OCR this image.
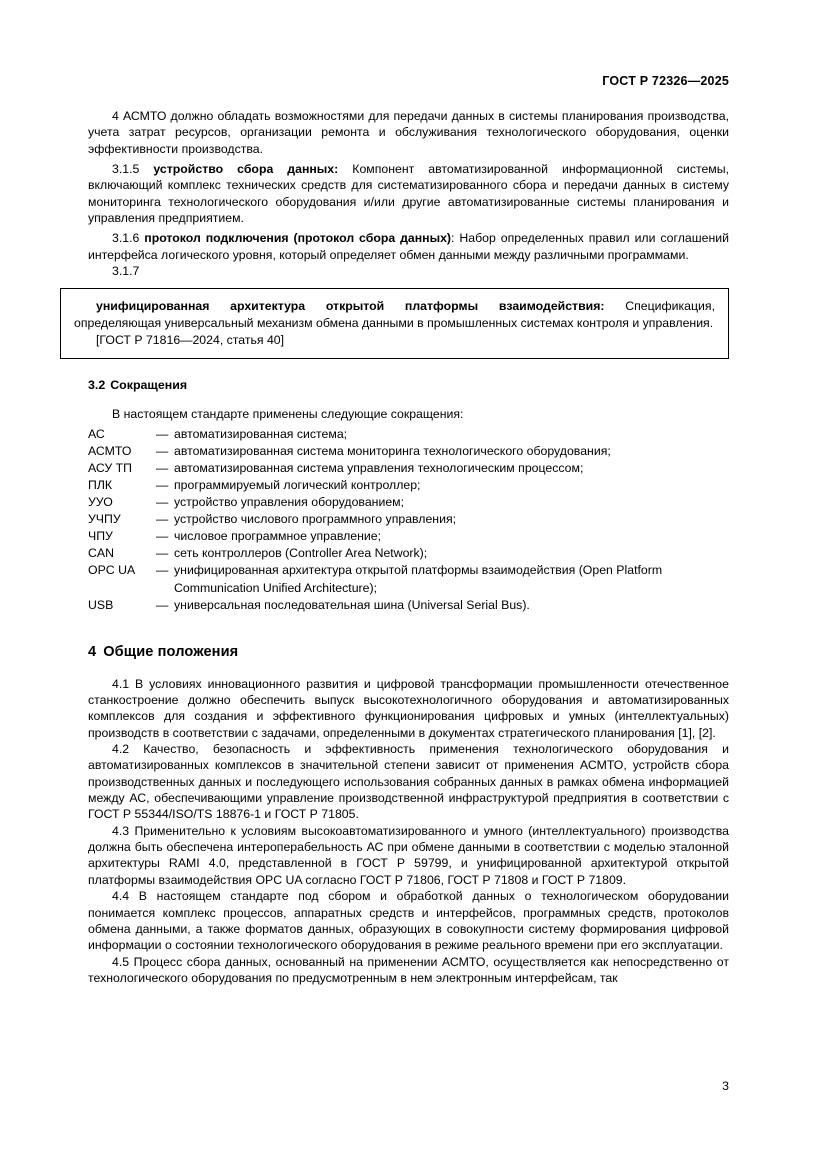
ГОСТ Р 72326—2025

4 АСМТО должно обладать возможностями для передачи данных в системы планирования производства, учета затрат ресурсов, организации ремонта и обслуживания технологического оборудования, оценки эффективности производства.

3.1.5 устройство сбора данных: Компонент автоматизированной информационной системы, включающий комплекс технических средств для систематизированного сбора и передачи данных в систему мониторинга технологического оборудования и/или другие автоматизированные системы планирования и управления предприятием.

3.1.6 протокол подключения (протокол сбора данных): Набор определенных правил или соглашений интерфейса логического уровня, который определяет обмен данными между различными программами.

3.1.7

унифицированная архитектура открытой платформы взаимодействия: Спецификация, определяющая универсальный механизм обмена данными в промышленных системах контроля и управления.

[ГОСТ Р 71816—2024, статья 40]

3.2 Сокращения

В настоящем стандарте применены следующие сокращения:

АС	— автоматизированная система;
АСМТО	— автоматизированная система мониторинга технологического оборудования;
АСУ ТП	— автоматизированная система управления технологическим процессом;
ПЛК	— программируемый логический контроллер;
УУО	— устройство управления оборудованием;
УЧПУ	— устройство числового программного управления;
ЧПУ	— числовое программное управление;
CAN	— сеть контроллеров (Controller Area Network);
OPC UA	— унифицированная архитектура открытой платформы взаимодействия (Open Platform
Communication Unified Architecture);
USB	— универсальная последовательная шина (Universal Serial Bus).
4 Общие положения

4.1 В условиях инновационного развития и цифровой трансформации промышленности отечественное станкостроение должно обеспечить выпуск высокотехнологичного оборудования и автоматизированных комплексов для создания и эффективного функционирования цифровых и умных (интеллектуальных) производств в соответствии с задачами, определенными в документах стратегического планирования [1], [2].

4.2 Качество, безопасность и эффективность применения технологического оборудования и автоматизированных комплексов в значительной степени зависит от применения АСМТО, устройств сбора производственных данных и последующего использования собранных данных в рамках обмена информацией между АС, обеспечивающими управление производственной инфраструктурой предприятия в соответствии с ГОСТ Р 55344/ISO/TS 18876-1 и ГОСТ Р 71805.

4.3 Применительно к условиям высокоавтоматизированного и умного (интеллектуального) производства должна быть обеспечена интероперабельность АС при обмене данными в соответствии с моделью эталонной архитектуры RAMI 4.0, представленной в ГОСТ Р 59799, и унифицированной архитектурой открытой платформы взаимодействия OPC UA согласно ГОСТ Р 71806, ГОСТ Р 71808 и ГОСТ Р 71809.

4.4 В настоящем стандарте под сбором и обработкой данных о технологическом оборудовании понимается комплекс процессов, аппаратных средств и интерфейсов, программных средств, протоколов обмена данными, а также форматов данных, образующих в совокупности систему формирования цифровой информации о состоянии технологического оборудования в режиме реального времени при его эксплуатации.

4.5 Процесс сбора данных, основанный на применении АСМТО, осуществляется как непосредственно от технологического оборудования по предусмотренным в нем электронным интерфейсам, так

3
